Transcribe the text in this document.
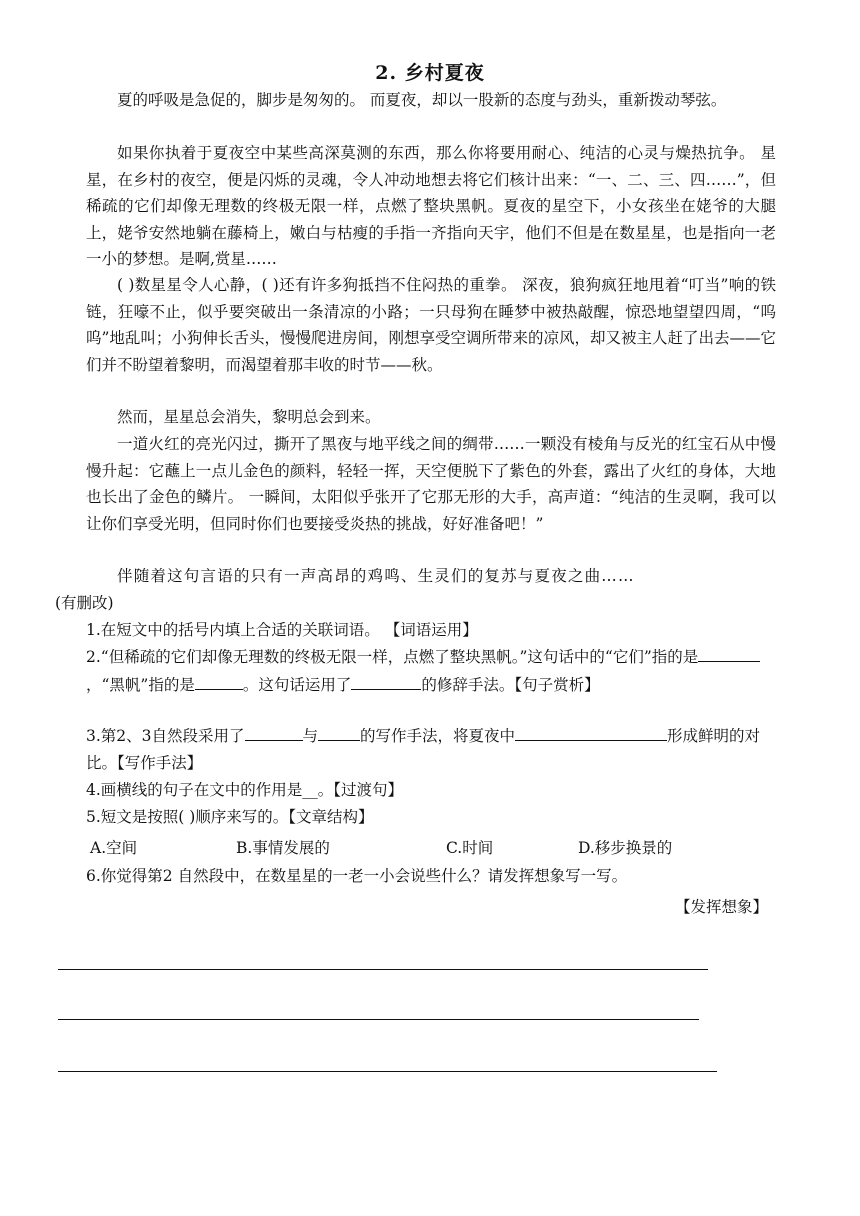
2. 乡村夏夜
夏的呼吸是急促的，脚步是匆匆的。 而夏夜，却以一股新的态度与劲头，重新拨动琴弦。
如果你执着于夏夜空中某些高深莫测的东西，那么你将要用耐心、纯洁的心灵与燥热抗争。 星星，在乡村的夜空，便是闪烁的灵魂，令人冲动地想去将它们核计出来：“一、二、三、四……”，但稀疏的它们却像无理数的终极无限一样，点燃了整块黑帆。夏夜的星空下，小女孩坐在姥爷的大腿上，姥爷安然地躺在藤椅上，嫩白与枯瘦的手指一齐指向天宇，他们不但是在数星星，也是指向一老一小的梦想。是啊,赏星……
( )数星星令人心静，( )还有许多狗抵挡不住闷热的重拳。 深夜，狼狗疯狂地甩着“叮当”响的铁链，狂嚎不止，似乎要突破出一条清凉的小路；一只母狗在睡梦中被热敲醒，惊恐地望望四周，“呜呜”地乱叫；小狗伸长舌头，慢慢爬进房间，刚想享受空调所带来的凉风，却又被主人赶了出去——它们并不盼望着黎明，而渴望着那丰收的时节——秋。
然而，星星总会消失，黎明总会到来。
一道火红的亮光闪过，撕开了黑夜与地平线之间的绸带……一颗没有棱角与反光的红宝石从中慢慢升起：它蘸上一点儿金色的颜料，轻轻一挥，天空便脱下了紫色的外套，露出了火红的身体，大地也长出了金色的鳞片。 一瞬间，太阳似乎张开了它那无形的大手，高声道：“纯洁的生灵啊，我可以让你们享受光明，但同时你们也要接受炎热的挑战，好好准备吧！”
伴随着这句言语的只有一声高昂的鸡鸣、生灵们的复苏与夏夜之曲……
(有删改)
1.在短文中的括号内填上合适的关联词语。 【词语运用】
2.“但稀疏的它们却像无理数的终极无限一样，点燃了整块黑帆。”这句话中的“它们”指的是，“黑帆”指的是	。这句话运用了	的修辞手法。【句子赏析】
3.第2、3自然段采用了	与	的写作手法，将夏夜中	形成鲜明的对比。【写作手法】
4.画横线的句子在文中的作用是__。【过渡句】
5.短文是按照( )顺序来写的。【文章结构】
A.空间	B.事情发展的	C.时间	D.移步换景的
6.你觉得第2 自然段中，在数星星的一老一小会说些什么？请发挥想象写一写。
【发挥想象】
